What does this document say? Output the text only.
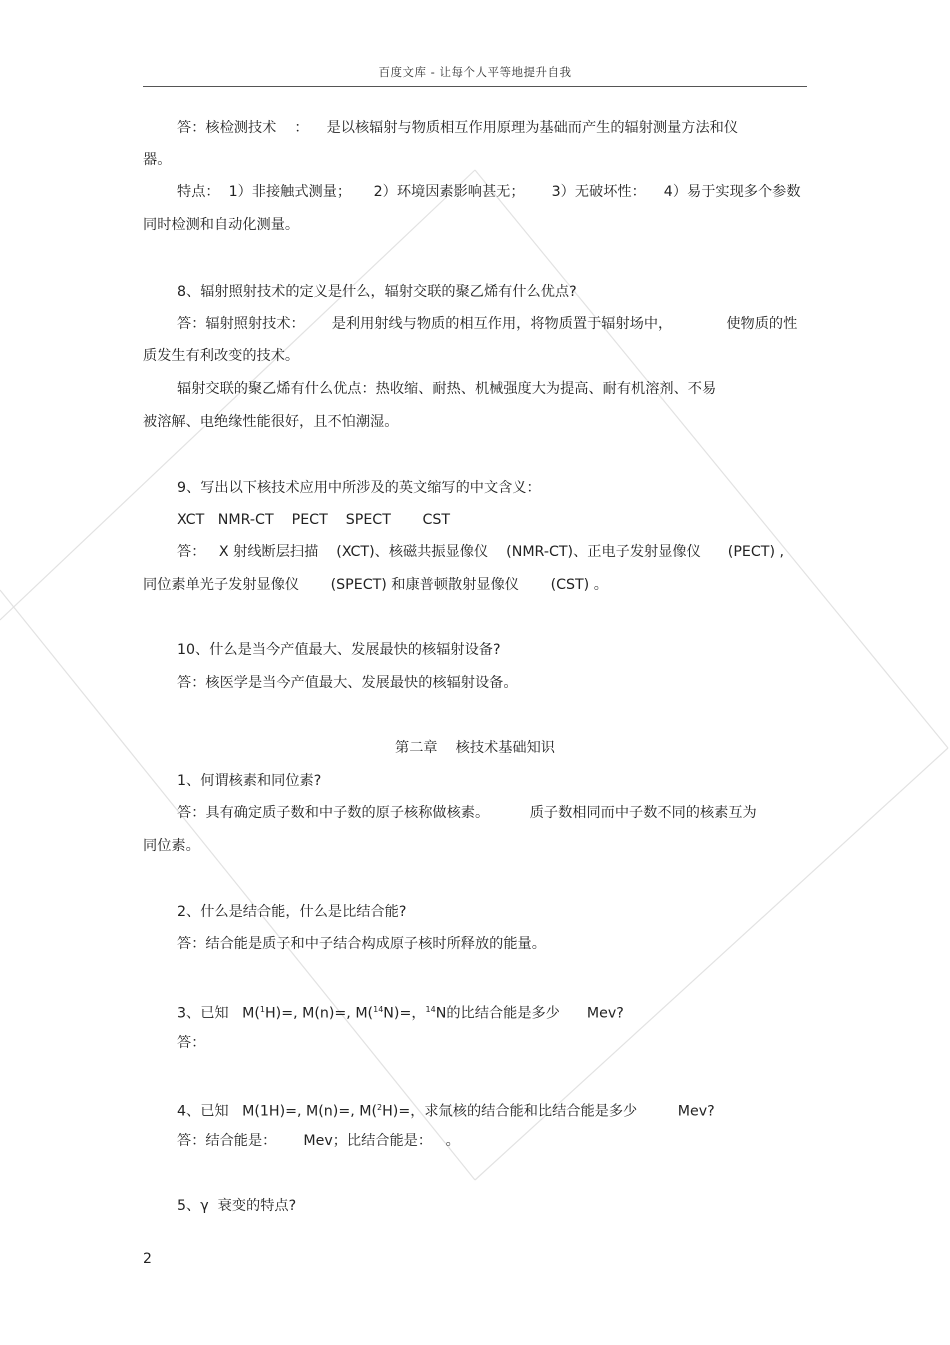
百度文库 - 让每个人平等地提升自我
答：核检测技术    ：    是以核辐射与物质相互作用原理为基础而产生的辐射测量方法和仪
器。
特点：  1）非接触式测量；     2）环境因素影响甚无；      3）无破坏性：    4）易于实现多个参数
同时检测和自动化测量。
8、辐射照射技术的定义是什么，辐射交联的聚乙烯有什么优点?
答：辐射照射技术：      是利用射线与物质的相互作用，将物质置于辐射场中，            使物质的性
质发生有利改变的技术。
辐射交联的聚乙烯有什么优点：热收缩、耐热、机械强度大为提高、耐有机溶剂、不易
被溶解、电绝缘性能很好，且不怕潮湿。
9、写出以下核技术应用中所涉及的英文缩写的中文含义：
XCT   NMR-CT    PECT    SPECT       CST
答：   X 射线断层扫描    (XCT)、核磁共振显像仪    (NMR-CT)、正电子发射显像仪      (PECT) ,
同位素单光子发射显像仪       (SPECT) 和康普顿散射显像仪       (CST) 。
10、什么是当今产值最大、发展最快的核辐射设备?
答：核医学是当今产值最大、发展最快的核辐射设备。
第二章    核技术基础知识
1、何谓核素和同位素?
答：具有确定质子数和中子数的原子核称做核素。         质子数相同而中子数不同的核素互为
同位素。
2、什么是结合能，什么是比结合能?
答：结合能是质子和中子结合构成原子核时所释放的能量。
3、已知   M($^1$H)=, M(n)=, M($^{14}$N)=，$^{14}$N的比结合能是多少      Mev?
答：
4、已知   M(1H)=, M(n)=, M($^2$H)=，求氚核的结合能和比结合能是多少         Mev?
答：结合能是：      Mev；比结合能是：   。
5、γ  衰变的特点?
2
